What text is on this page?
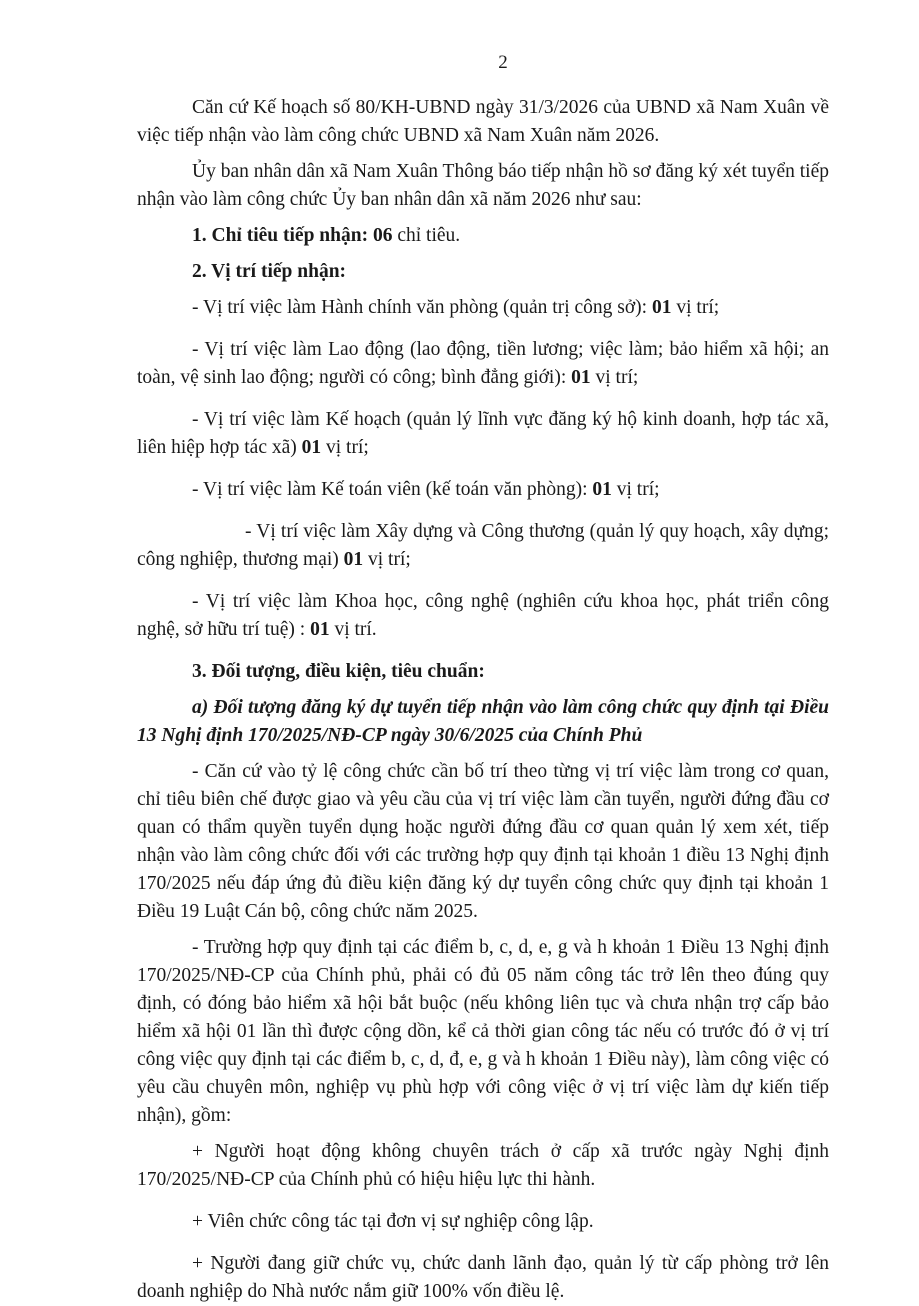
2

Căn cứ Kế hoạch số 80/KH-UBND ngày 31/3/2026 của UBND xã Nam Xuân về việc tiếp nhận vào làm công chức UBND xã Nam Xuân năm 2026.

Ủy ban nhân dân xã Nam Xuân Thông báo tiếp nhận hồ sơ đăng ký xét tuyển tiếp nhận vào làm công chức Ủy ban nhân dân xã năm 2026 như sau:

1. Chỉ tiêu tiếp nhận: 06 chỉ tiêu.

2. Vị trí tiếp nhận:

- Vị trí việc làm Hành chính văn phòng (quản trị công sở): 01 vị trí;

- Vị trí việc làm Lao động (lao động, tiền lương; việc làm; bảo hiểm xã hội; an toàn, vệ sinh lao động; người có công; bình đẳng giới): 01 vị trí;

- Vị trí việc làm Kế hoạch (quản lý lĩnh vực đăng ký hộ kinh doanh, hợp tác xã, liên hiệp hợp tác xã) 01 vị trí;

- Vị trí việc làm Kế toán viên (kế toán văn phòng): 01 vị trí;

- Vị trí việc làm Xây dựng và Công thương (quản lý quy hoạch, xây dựng; công nghiệp, thương mại) 01 vị trí;

- Vị trí việc làm Khoa học, công nghệ (nghiên cứu khoa học, phát triển công nghệ, sở hữu trí tuệ) : 01 vị trí.

3. Đối tượng, điều kiện, tiêu chuẩn:

a) Đối tượng đăng ký dự tuyển tiếp nhận vào làm công chức quy định tại Điều 13 Nghị định 170/2025/NĐ-CP ngày 30/6/2025 của Chính Phủ

- Căn cứ vào tỷ lệ công chức cần bố trí theo từng vị trí việc làm trong cơ quan, chỉ tiêu biên chế được giao và yêu cầu của vị trí việc làm cần tuyển, người đứng đầu cơ quan có thẩm quyền tuyển dụng hoặc người đứng đầu cơ quan quản lý xem xét, tiếp nhận vào làm công chức đối với các trường hợp quy định tại khoản 1 điều 13 Nghị định 170/2025 nếu đáp ứng đủ điều kiện đăng ký dự tuyển công chức quy định tại khoản 1 Điều 19 Luật Cán bộ, công chức năm 2025.

- Trường hợp quy định tại các điểm b, c, d, e, g và h khoản 1 Điều 13 Nghị định 170/2025/NĐ-CP của Chính phủ, phải có đủ 05 năm công tác trở lên theo đúng quy định, có đóng bảo hiểm xã hội bắt buộc (nếu không liên tục và chưa nhận trợ cấp bảo hiểm xã hội 01 lần thì được cộng dồn, kể cả thời gian công tác nếu có trước đó ở vị trí công việc quy định tại các điểm b, c, d, đ, e, g và h khoản 1 Điều này), làm công việc có yêu cầu chuyên môn, nghiệp vụ phù hợp với công việc ở vị trí việc làm dự kiến tiếp nhận), gồm:

+ Người hoạt động không chuyên trách ở cấp xã trước ngày Nghị định 170/2025/NĐ-CP của Chính phủ có hiệu hiệu lực thi hành.

+ Viên chức công tác tại đơn vị sự nghiệp công lập.

+ Người đang giữ chức vụ, chức danh lãnh đạo, quản lý từ cấp phòng trở lên doanh nghiệp do Nhà nước nắm giữ 100% vốn điều lệ.
